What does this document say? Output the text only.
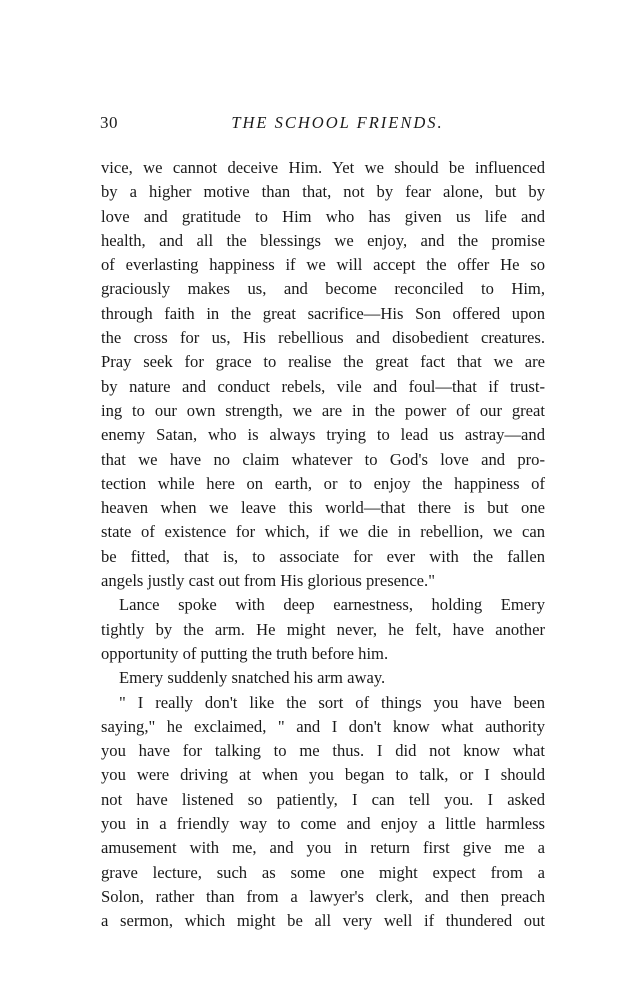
30	THE SCHOOL FRIENDS.
vice, we cannot deceive Him. Yet we should be influenced
by a higher motive than that, not by fear alone, but by
love and gratitude to Him who has given us life and
health, and all the blessings we enjoy, and the promise
of everlasting happiness if we will accept the offer He so
graciously makes us, and become reconciled to Him,
through faith in the great sacrifice—His Son offered upon
the cross for us, His rebellious and disobedient creatures.
Pray seek for grace to realise the great fact that we are
by nature and conduct rebels, vile and foul—that if trust-
ing to our own strength, we are in the power of our great
enemy Satan, who is always trying to lead us astray—and
that we have no claim whatever to God's love and pro-
tection while here on earth, or to enjoy the happiness of
heaven when we leave this world—that there is but one
state of existence for which, if we die in rebellion, we can
be fitted, that is, to associate for ever with the fallen
angels justly cast out from His glorious presence."
Lance spoke with deep earnestness, holding Emery
tightly by the arm. He might never, he felt, have another
opportunity of putting the truth before him.
Emery suddenly snatched his arm away.
" I really don't like the sort of things you have been
saying," he exclaimed, " and I don't know what authority
you have for talking to me thus. I did not know what
you were driving at when you began to talk, or I should
not have listened so patiently, I can tell you. I asked
you in a friendly way to come and enjoy a little harmless
amusement with me, and you in return first give me a
grave lecture, such as some one might expect from a
Solon, rather than from a lawyer's clerk, and then preach
a sermon, which might be all very well if thundered out
